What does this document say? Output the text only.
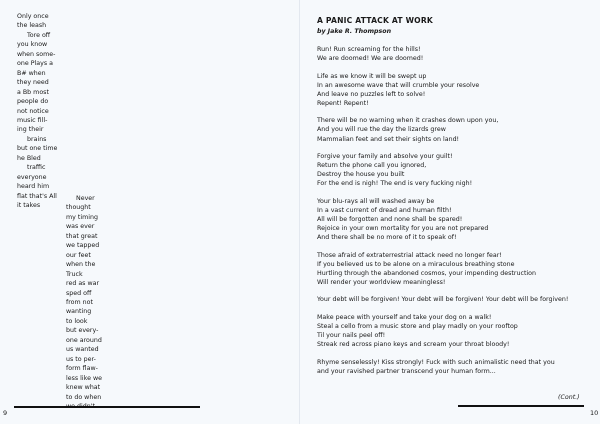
Only once
the leash
Tore off
you know
when some-
one Plays a
B# when
they need
a Bb most
people do
not notice
music fill-
ing their
brains
but one time
he Bled
traffic
everyone
heard him
flat that's All
it takes
Never
thought
my timing
was ever
that great
we tapped
our feet
when the
Truck
red as war
sped off
from not
wanting
to look
but every-
one around
us wanted
us to per-
form flaw-
less like we
knew what
to do when
9
A PANIC ATTACK AT WORK
by Jake R. Thompson
Run! Run screaming for the hills!
We are doomed! We are doomed!
Life as we know it will be swept up
In an awesome wave that will crumble your resolve
And leave no puzzles left to solve!
Repent! Repent!
There will be no warning when it crashes down upon you,
And you will rue the day the lizards grew
Mammalian feet and set their sights on land!
Forgive your family and absolve your guilt!
Return the phone call you ignored,
Destroy the house you built
For the end is nigh! The end is very fucking nigh!
Your blu-rays all will washed away be
In a vast current of dread and human filth!
All will be forgotten and none shall be spared!
Rejoice in your own mortality for you are not prepared
And there shall be no more of it to speak of!
Those afraid of extraterrestrial attack need no longer fear!
If you believed us to be alone on a miraculous breathing stone
Hurtling through the abandoned cosmos, your impending destruction
Will render your worldview meaningless!
Your debt will be forgiven! Your debt will be forgiven! Your debt will be forgiven!
Make peace with yourself and take your dog on a walk!
Steal a cello from a music store and play madly on your rooftop
Til your nails peel off!
Streak red across piano keys and scream your throat bloody!
Rhyme senselessly! Kiss strongly! Fuck with such animalistic need that you
and your ravished partner transcend your human form...
(Cont.)
10
